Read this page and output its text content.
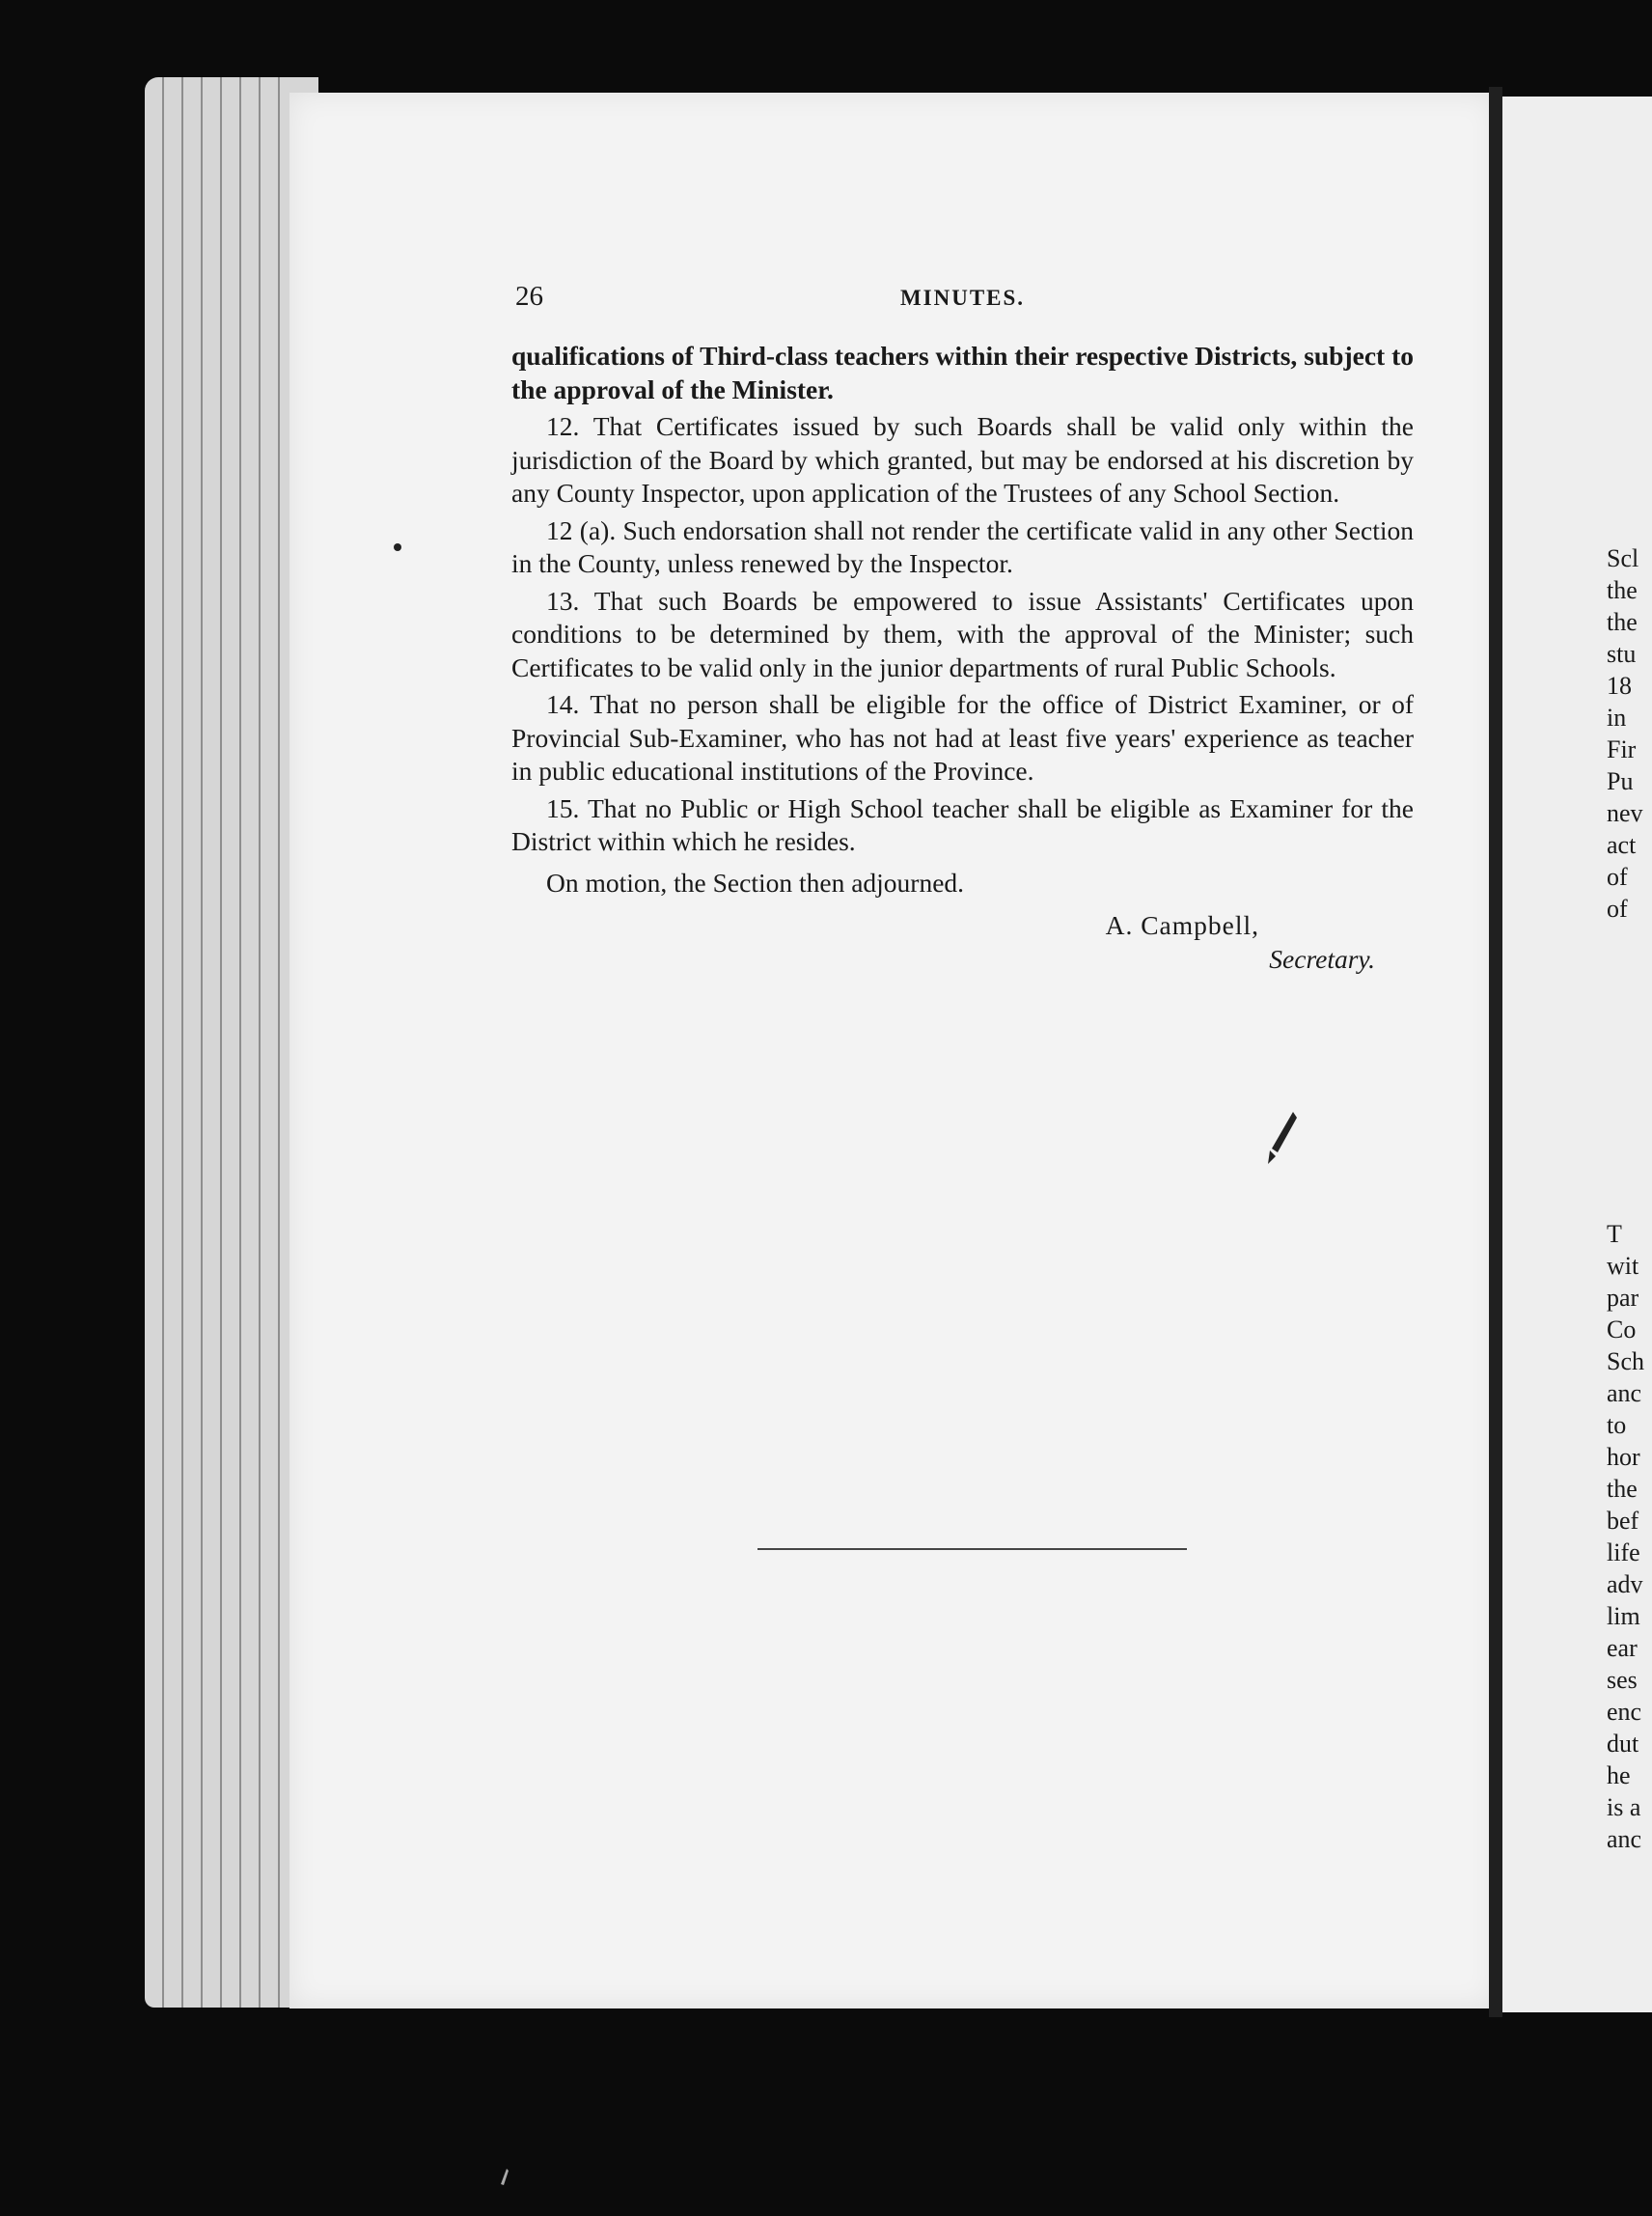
26	MINUTES.

qualifications of Third-class teachers within their respective Districts, subject to the approval of the Minister.

12. That Certificates issued by such Boards shall be valid only within the jurisdiction of the Board by which granted, but may be endorsed at his discretion by any County Inspector, upon application of the Trustees of any School Section.

12 (a). Such endorsation shall not render the certificate valid in any other Section in the County, unless renewed by the Inspector.

13. That such Boards be empowered to issue Assistants' Certificates upon conditions to be determined by them, with the approval of the Minister; such Certificates to be valid only in the junior departments of rural Public Schools.

14. That no person shall be eligible for the office of District Examiner, or of Provincial Sub-Examiner, who has not had at least five years' experience as teacher in public educational institutions of the Province.

15. That no Public or High School teacher shall be eligible as Examiner for the District within which he resides.

On motion, the Section then adjourned.

A. Campbell,
Secretary.
Scl
the
the
stu
18
in
Fir
Pu
nev
act
of
of
T
wit
par
Co
Sch
anc
to
hor
the
bef
life
adv
lim
ear
ses
enc
dut
he
is a
anc
